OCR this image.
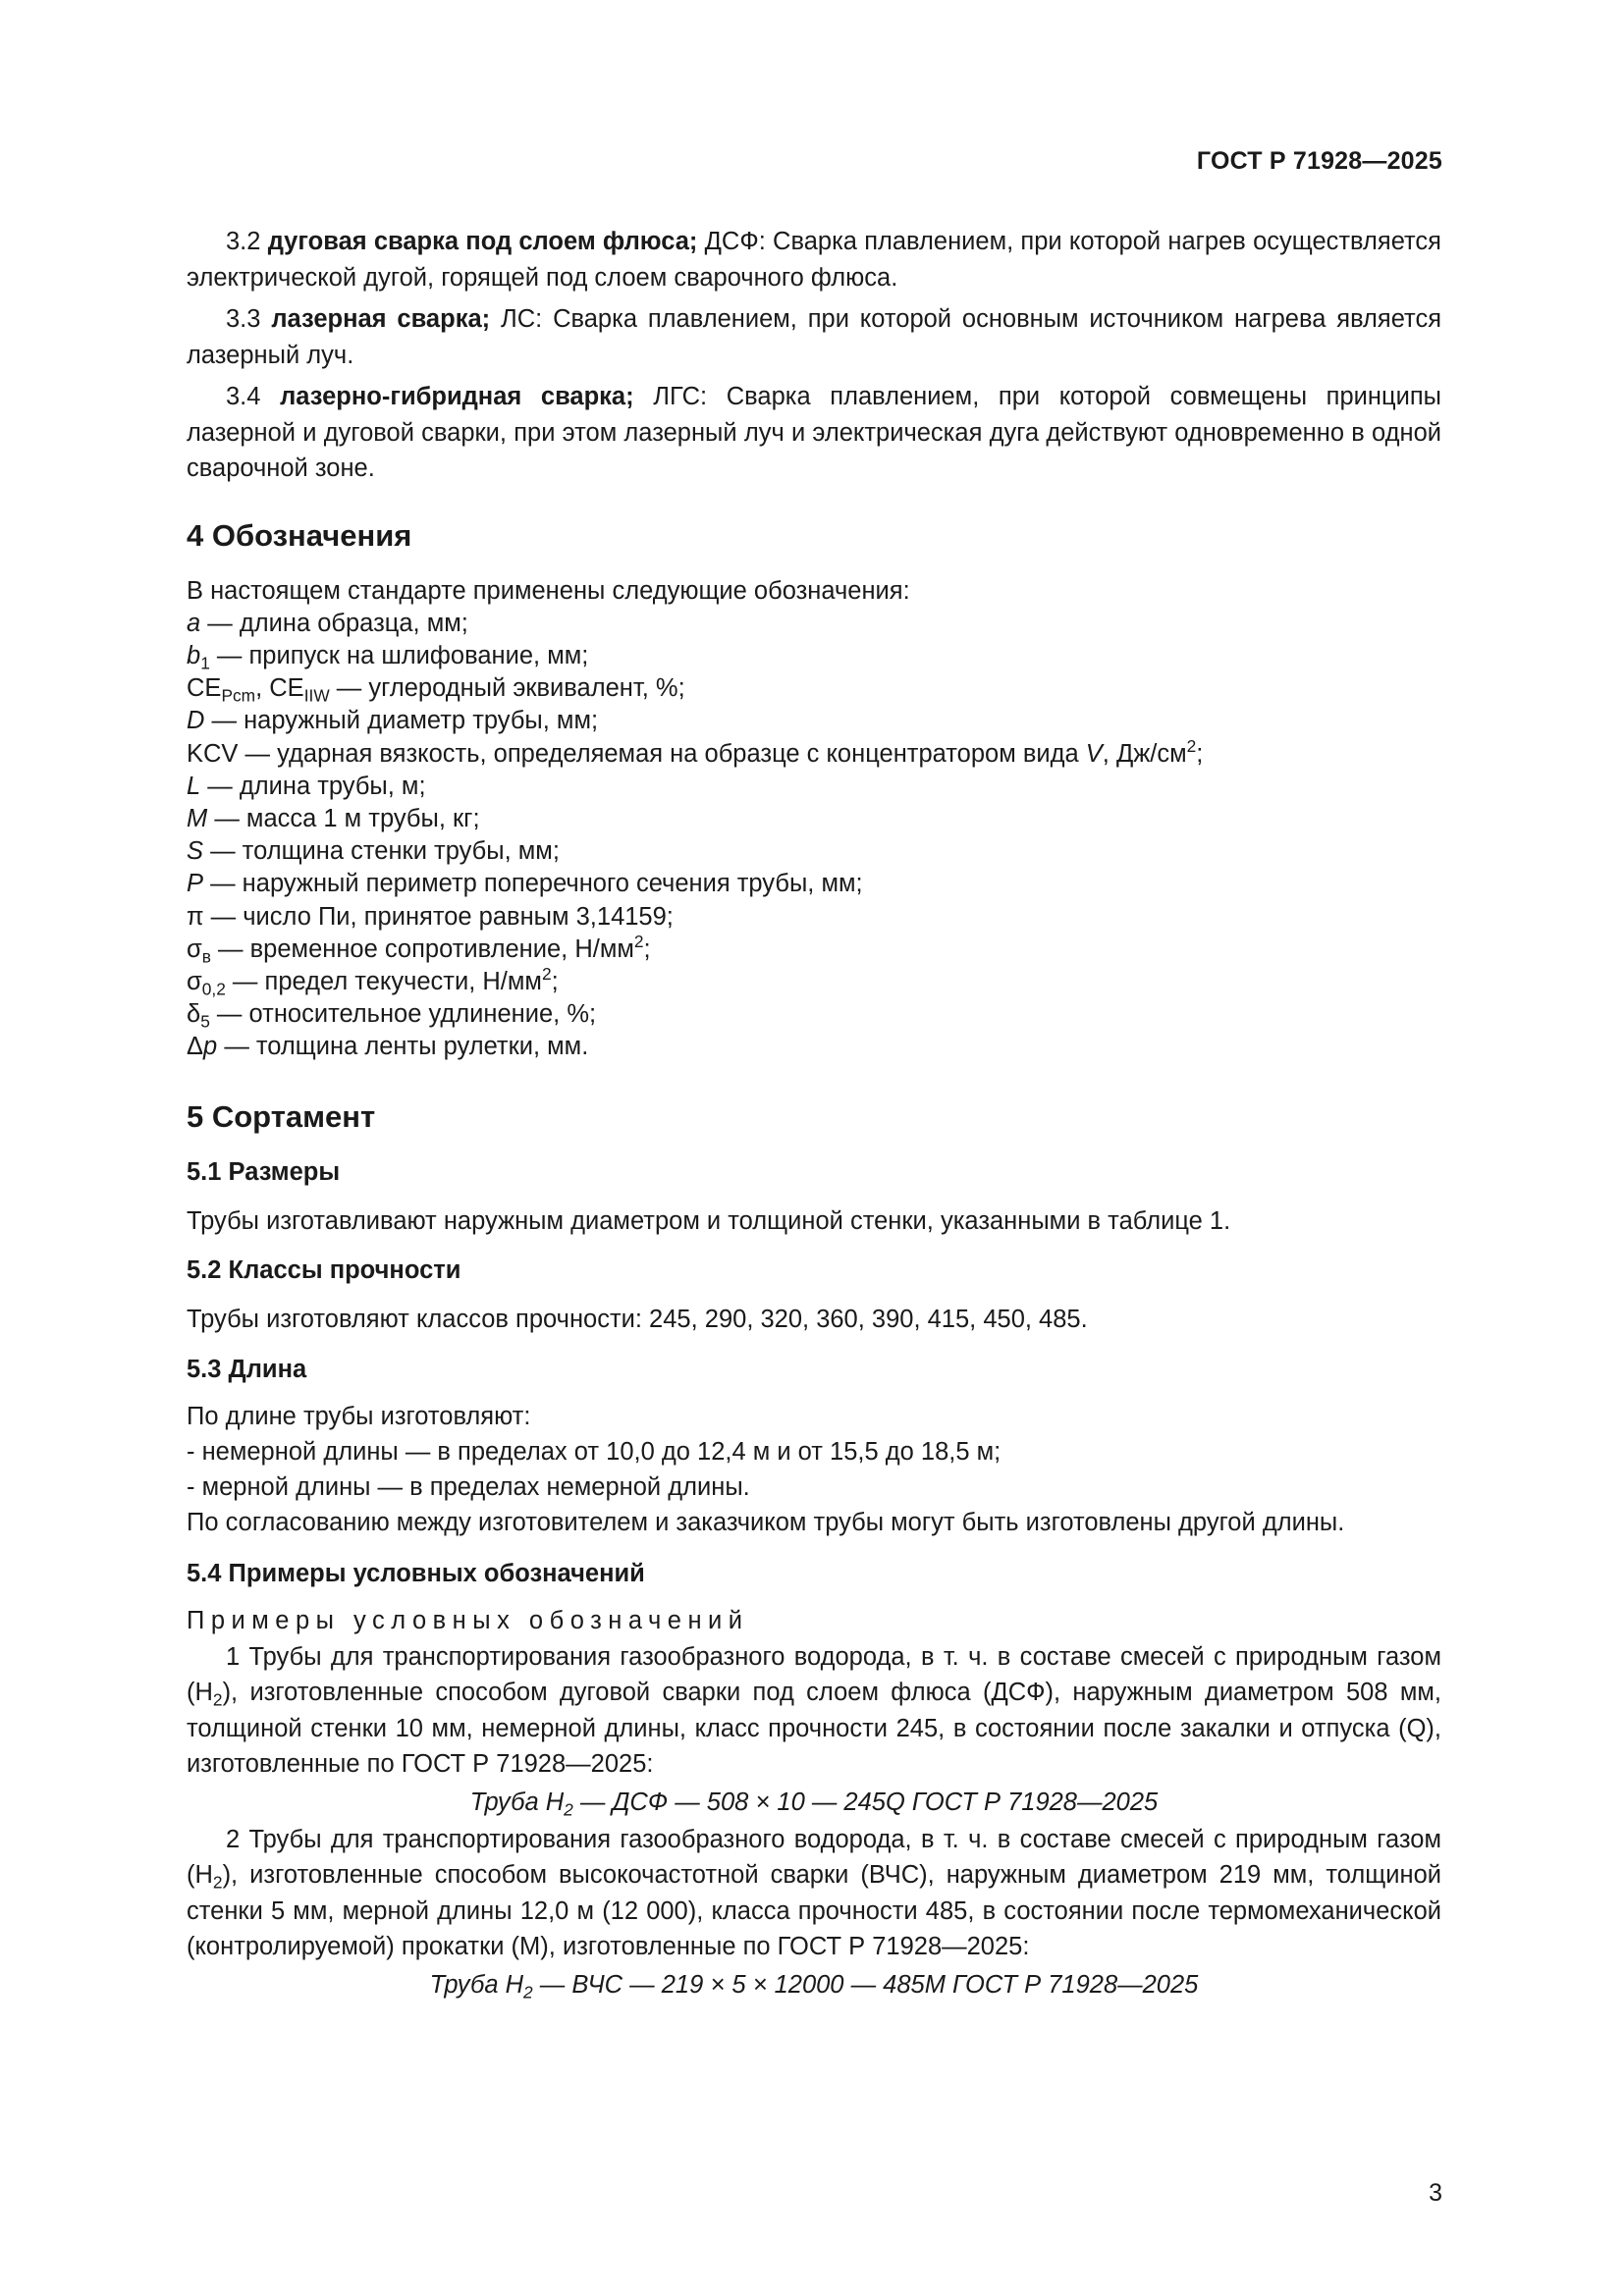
ГОСТ Р 71928—2025

3.2 дуговая сварка под слоем флюса; ДСФ: Сварка плавлением, при которой нагрев осуществляется электрической дугой, горящей под слоем сварочного флюса.

3.3 лазерная сварка; ЛС: Сварка плавлением, при которой основным источником нагрева является лазерный луч.

3.4 лазерно-гибридная сварка; ЛГС: Сварка плавлением, при которой совмещены принципы лазерной и дуговой сварки, при этом лазерный луч и электрическая дуга действуют одновременно в одной сварочной зоне.

4 Обозначения

В настоящем стандарте применены следующие обозначения:

a — длина образца, мм;

$b_1$ — припуск на шлифование, мм;

$CE_{Pcm}$, $CE_{IIW}$ — углеродный эквивалент, %;

D — наружный диаметр трубы, мм;

KCV — ударная вязкость, определяемая на образце с концентратором вида V, $Дж/см^2$;

L — длина трубы, м;

M — масса 1 м трубы, кг;

S — толщина стенки трубы, мм;

P — наружный периметр поперечного сечения трубы, мм;

π — число Пи, принятое равным 3,14159;

$\sigma_в$ — временное сопротивление, $Н/мм^2$;

$\sigma_{0,2}$ — предел текучести, $Н/мм^2$;

$\delta_5$ — относительное удлинение, %;

Δp — толщина ленты рулетки, мм.

5 Сортамент
5.1 Размеры

Трубы изготавливают наружным диаметром и толщиной стенки, указанными в таблице 1.

5.2 Классы прочности

Трубы изготовляют классов прочности: 245, 290, 320, 360, 390, 415, 450, 485.

5.3 Длина

По длине трубы изготовляют:

- немерной длины — в пределах от 10,0 до 12,4 м и от 15,5 до 18,5 м;

- мерной длины — в пределах немерной длины.

По согласованию между изготовителем и заказчиком трубы могут быть изготовлены другой длины.

5.4 Примеры условных обозначений

Примеры условных обозначений

1 Трубы для транспортирования газообразного водорода, в т. ч. в составе смесей с природным газом $(H_2)$, изготовленные способом дуговой сварки под слоем флюса (ДСФ), наружным диаметром 508 мм, толщиной стенки 10 мм, немерной длины, класс прочности 245, в состоянии после закалки и отпуска (Q), изготовленные по ГОСТ Р 71928—2025:

Труба $H_2$ — ДСФ — 508 × 10 — 245Q ГОСТ Р 71928—2025

2 Трубы для транспортирования газообразного водорода, в т. ч. в составе смесей с природным газом $(H_2)$, изготовленные способом высокочастотной сварки (ВЧС), наружным диаметром 219 мм, толщиной стенки 5 мм, мерной длины 12,0 м (12 000), класса прочности 485, в состоянии после термомеханической (контролируемой) прокатки (М), изготовленные по ГОСТ Р 71928—2025:

Труба $H_2$ — ВЧС — 219 × 5 × 12000 — 485M ГОСТ Р 71928—2025

3
